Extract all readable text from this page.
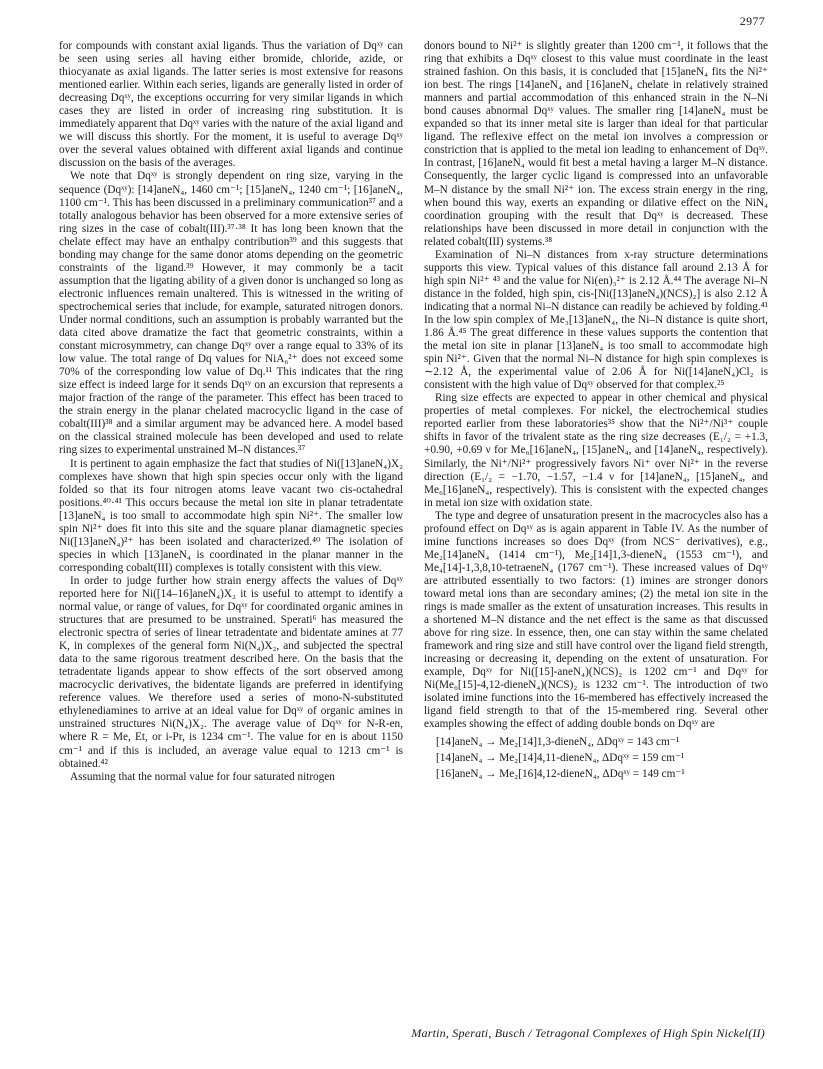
2977

for compounds with constant axial ligands. Thus the variation of Dqˣʸ can be seen using series all having either bromide, chloride, azide, or thiocyanate as axial ligands. The latter series is most extensive for reasons mentioned earlier. Within each series, ligands are generally listed in order of decreasing Dqˣʸ, the exceptions occurring for very similar ligands in which cases they are listed in order of increasing ring substitution. It is immediately apparent that Dqˣʸ varies with the nature of the axial ligand and we will discuss this shortly. For the moment, it is useful to average Dqˣʸ over the several values obtained with different axial ligands and continue discussion on the basis of the averages.

We note that Dqˣʸ is strongly dependent on ring size, varying in the sequence (Dqˣʸ): [14]aneN₄, 1460 cm⁻¹; [15]aneN₄, 1240 cm⁻¹; [16]aneN₄, 1100 cm⁻¹. This has been discussed in a preliminary communication³⁷ and a totally analogous behavior has been observed for a more extensive series of ring sizes in the case of cobalt(III).³⁷·³⁸ It has long been known that the chelate effect may have an enthalpy contribution³⁹ and this suggests that bonding may change for the same donor atoms depending on the geometric constraints of the ligand.³⁹ However, it may commonly be a tacit assumption that the ligating ability of a given donor is unchanged so long as electronic influences remain unaltered. This is witnessed in the writing of spectrochemical series that include, for example, saturated nitrogen donors. Under normal conditions, such an assumption is probably warranted but the data cited above dramatize the fact that geometric constraints, within a constant microsymmetry, can change Dqˣʸ over a range equal to 33% of its low value. The total range of Dq values for NiA₆²⁺ does not exceed some 70% of the corresponding low value of Dq.¹¹ This indicates that the ring size effect is indeed large for it sends Dqˣʸ on an excursion that represents a major fraction of the range of the parameter. This effect has been traced to the strain energy in the planar chelated macrocyclic ligand in the case of cobalt(III)³⁸ and a similar argument may be advanced here. A model based on the classical strained molecule has been developed and used to relate ring sizes to experimental unstrained M–N distances.³⁷

It is pertinent to again emphasize the fact that studies of Ni([13]aneN₄)X₂ complexes have shown that high spin species occur only with the ligand folded so that its four nitrogen atoms leave vacant two cis-octahedral positions.⁴⁰·⁴¹ This occurs because the metal ion site in planar tetradentate [13]aneN₄ is too small to accommodate high spin Ni²⁺. The smaller low spin Ni²⁺ does fit into this site and the square planar diamagnetic species Ni([13]aneN₄)²⁺ has been isolated and characterized.⁴⁰ The isolation of species in which [13]aneN₄ is coordinated in the planar manner in the corresponding cobalt(III) complexes is totally consistent with this view.

In order to judge further how strain energy affects the values of Dqˣʸ reported here for Ni([14–16]aneN₄)X₂ it is useful to attempt to identify a normal value, or range of values, for Dqˣʸ for coordinated organic amines in structures that are presumed to be unstrained. Sperati⁶ has measured the electronic spectra of series of linear tetradentate and bidentate amines at 77 K, in complexes of the general form Ni(N₄)X₂, and subjected the spectral data to the same rigorous treatment described here. On the basis that the tetradentate ligands appear to show effects of the sort observed among macrocyclic derivatives, the bidentate ligands are preferred in identifying reference values. We therefore used a series of mono-N-substituted ethylenediamines to arrive at an ideal value for Dqˣʸ of organic amines in unstrained structures Ni(N₄)X₂. The average value of Dqˣʸ for N-R-en, where R = Me, Et, or i-Pr, is 1234 cm⁻¹. The value for en is about 1150 cm⁻¹ and if this is included, an average value equal to 1213 cm⁻¹ is obtained.⁴²

Assuming that the normal value for four saturated nitrogen

donors bound to Ni²⁺ is slightly greater than 1200 cm⁻¹, it follows that the ring that exhibits a Dqˣʸ closest to this value must coordinate in the least strained fashion. On this basis, it is concluded that [15]aneN₄ fits the Ni²⁺ ion best. The rings [14]aneN₄ and [16]aneN₄ chelate in relatively strained manners and partial accommodation of this enhanced strain in the N–Ni bond causes abnormal Dqˣʸ values. The smaller ring [14]aneN₄ must be expanded so that its inner metal site is larger than ideal for that particular ligand. The reflexive effect on the metal ion involves a compression or constriction that is applied to the metal ion leading to enhancement of Dqˣʸ. In contrast, [16]aneN₄ would fit best a metal having a larger M–N distance. Consequently, the larger cyclic ligand is compressed into an unfavorable M–N distance by the small Ni²⁺ ion. The excess strain energy in the ring, when bound this way, exerts an expanding or dilative effect on the NiN₄ coordination grouping with the result that Dqˣʸ is decreased. These relationships have been discussed in more detail in conjunction with the related cobalt(III) systems.³⁸

Examination of Ni–N distances from x-ray structure determinations supports this view. Typical values of this distance fall around 2.13 Å for high spin Ni²⁺ ⁴³ and the value for Ni(en)₃²⁺ is 2.12 Å.⁴⁴ The average Ni–N distance in the folded, high spin, cis-[Ni([13]aneN₄)(NCS)₂] is also 2.12 Å indicating that a normal Ni–N distance can readily be achieved by folding.⁴¹ In the low spin complex of Me₃[13]aneN₄, the Ni–N distance is quite short, 1.86 Å.⁴⁵ The great difference in these values supports the contention that the metal ion site in planar [13]aneN₄ is too small to accommodate high spin Ni²⁺. Given that the normal Ni–N distance for high spin complexes is ∼2.12 Å, the experimental value of 2.06 Å for Ni([14]aneN₄)Cl₂ is consistent with the high value of Dqˣʸ observed for that complex.²⁵

Ring size effects are expected to appear in other chemical and physical properties of metal complexes. For nickel, the electrochemical studies reported earlier from these laboratories³⁵ show that the Ni²⁺/Ni³⁺ couple shifts in favor of the trivalent state as the ring size decreases (E₁/₂ = +1.3, +0.90, +0.69 ν for Me₆[16]aneN₄, [15]aneN₄, and [14]aneN₄, respectively). Similarly, the Ni⁺/Ni²⁺ progressively favors Ni⁺ over Ni²⁺ in the reverse direction (E₁/₂ = −1.70, −1.57, −1.4 ν for [14]aneN₄, [15]aneN₄, and Me₆[16]aneN₄, respectively). This is consistent with the expected changes in metal ion size with oxidation state.

The type and degree of unsaturation present in the macrocycles also has a profound effect on Dqˣʸ as is again apparent in Table IV. As the number of imine functions increases so does Dqˣʸ (from NCS⁻ derivatives), e.g., Me₂[14]aneN₄ (1414 cm⁻¹), Me₂[14]1,3-dieneN₄ (1553 cm⁻¹), and Me₄[14]-1,3,8,10-tetraeneN₄ (1767 cm⁻¹). These increased values of Dqˣʸ are attributed essentially to two factors: (1) imines are stronger donors toward metal ions than are secondary amines; (2) the metal ion site in the rings is made smaller as the extent of unsaturation increases. This results in a shortened M–N distance and the net effect is the same as that discussed above for ring size. In essence, then, one can stay within the same chelated framework and ring size and still have control over the ligand field strength, increasing or decreasing it, depending on the extent of unsaturation. For example, Dqˣʸ for Ni([15]-aneN₄)(NCS)₂ is 1202 cm⁻¹ and Dqˣʸ for Ni(Me₆[15]-4,12-dieneN₄)(NCS)₂ is 1232 cm⁻¹. The introduction of two isolated imine functions into the 16-membered has effectively increased the ligand field strength to that of the 15-membered ring. Several other examples showing the effect of adding double bonds on Dqˣʸ are

[14]aneN₄ → Me₂[14]1,3-dieneN₄, ΔDqˣʸ = 143 cm⁻¹
[14]aneN₄ → Me₂[14]4,11-dieneN₄, ΔDqˣʸ = 159 cm⁻¹
[16]aneN₄ → Me₂[16]4,12-dieneN₄, ΔDqˣʸ = 149 cm⁻¹
Martin, Sperati, Busch / Tetragonal Complexes of High Spin Nickel(II)
